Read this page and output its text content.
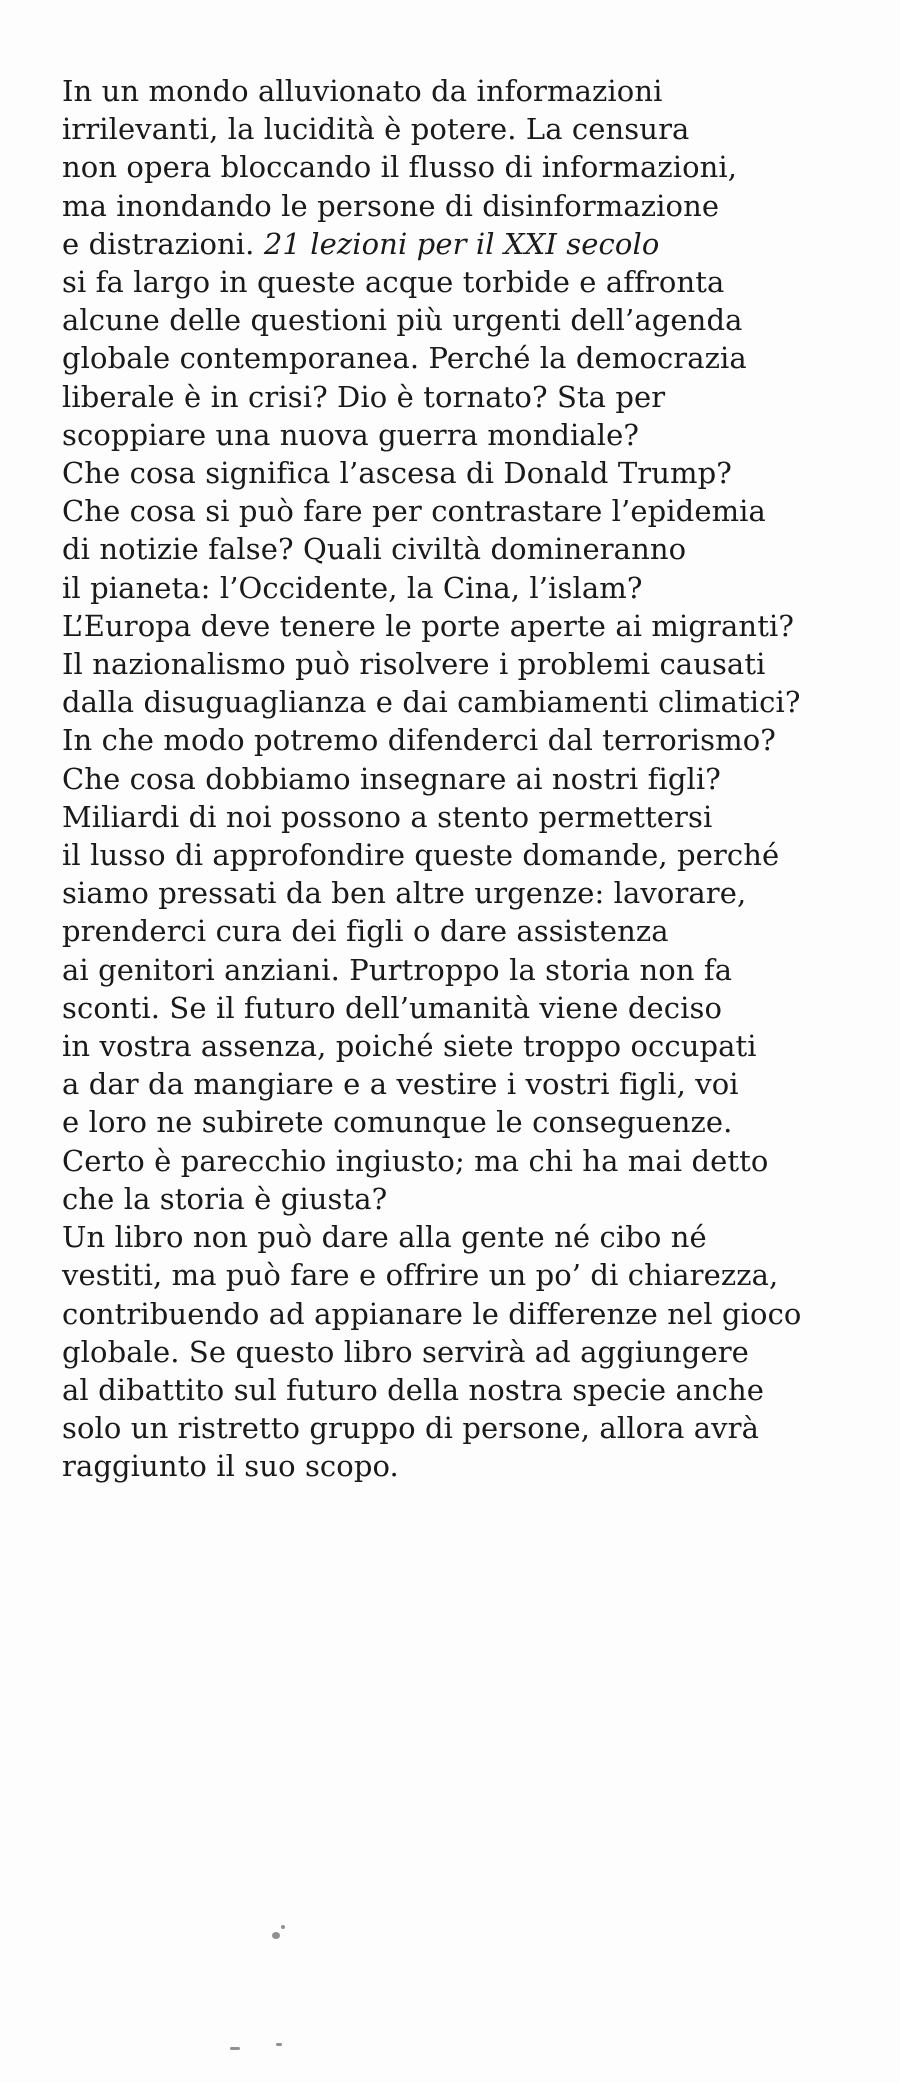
In un mondo alluvionato da informazioni
irrilevanti, la lucidità è potere. La censura
non opera bloccando il flusso di informazioni,
ma inondando le persone di disinformazione
e distrazioni. 21 lezioni per il XXI secolo
si fa largo in queste acque torbide e affronta
alcune delle questioni più urgenti dell’agenda
globale contemporanea. Perché la democrazia
liberale è in crisi? Dio è tornato? Sta per
scoppiare una nuova guerra mondiale?
Che cosa significa l’ascesa di Donald Trump?
Che cosa si può fare per contrastare l’epidemia
di notizie false? Quali civiltà domineranno
il pianeta: l’Occidente, la Cina, l’islam?
L’Europa deve tenere le porte aperte ai migranti?
Il nazionalismo può risolvere i problemi causati
dalla disuguaglianza e dai cambiamenti climatici?
In che modo potremo difenderci dal terrorismo?
Che cosa dobbiamo insegnare ai nostri figli?
Miliardi di noi possono a stento permettersi
il lusso di approfondire queste domande, perché
siamo pressati da ben altre urgenze: lavorare,
prenderci cura dei figli o dare assistenza
ai genitori anziani. Purtroppo la storia non fa
sconti. Se il futuro dell’umanità viene deciso
in vostra assenza, poiché siete troppo occupati
a dar da mangiare e a vestire i vostri figli, voi
e loro ne subirete comunque le conseguenze.
Certo è parecchio ingiusto; ma chi ha mai detto
che la storia è giusta?
Un libro non può dare alla gente né cibo né
vestiti, ma può fare e offrire un po’ di chiarezza,
contribuendo ad appianare le differenze nel gioco
globale. Se questo libro servirà ad aggiungere
al dibattito sul futuro della nostra specie anche
solo un ristretto gruppo di persone, allora avrà
raggiunto il suo scopo.
